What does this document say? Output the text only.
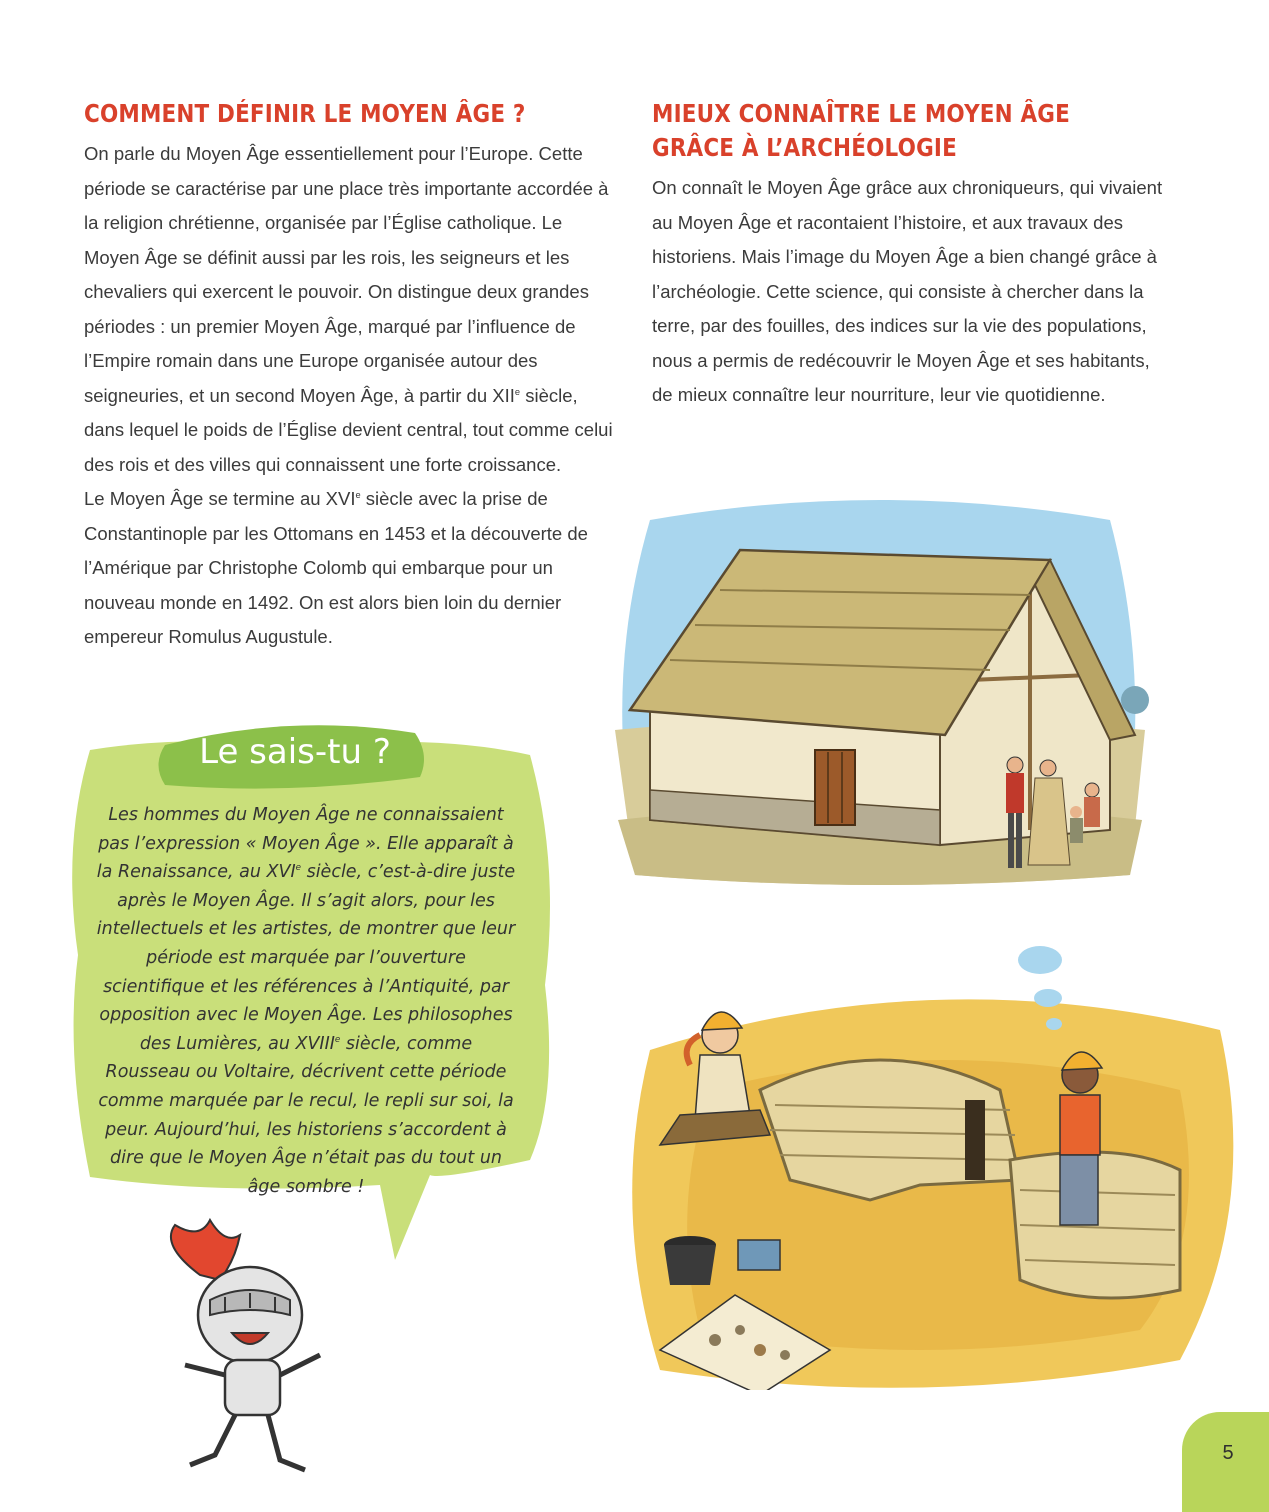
COMMENT DÉFINIR LE MOYEN ÂGE ?

On parle du Moyen Âge essentiellement pour l’Europe. Cette période se caractérise par une place très importante accordée à la religion chrétienne, organisée par l’Église catholique. Le Moyen Âge se définit aussi par les rois, les seigneurs et les chevaliers qui exercent le pouvoir. On distingue deux grandes périodes : un premier Moyen Âge, marqué par l’influence de l’Empire romain dans une Europe organisée autour des seigneuries, et un second Moyen Âge, à partir du XIIe siècle, dans lequel le poids de l’Église devient central, tout comme celui des rois et des villes qui connaissent une forte croissance.

Le Moyen Âge se termine au XVIe siècle avec la prise de Constantinople par les Ottomans en 1453 et la découverte de l’Amérique par Christophe Colomb qui embarque pour un nouveau monde en 1492. On est alors bien loin du dernier empereur Romulus Augustule.

MIEUX CONNAÎTRE LE MOYEN ÂGE
GRÂCE À L’ARCHÉOLOGIE

On connaît le Moyen Âge grâce aux chroniqueurs, qui vivaient au Moyen Âge et racontaient l’histoire, et aux travaux des historiens. Mais l’image du Moyen Âge a bien changé grâce à l’archéologie. Cette science, qui consiste à chercher dans la terre, par des fouilles, des indices sur la vie des populations, nous a permis de redécouvrir le Moyen Âge et ses habitants, de mieux connaître leur nourriture, leur vie quotidienne.

Le sais-tu ?

Les hommes du Moyen Âge ne connaissaient pas l’expression « Moyen Âge ». Elle apparaît à la Renaissance, au XVIe siècle, c’est-à-dire juste après le Moyen Âge. Il s’agit alors, pour les intellectuels et les artistes, de montrer que leur période est marquée par l’ouverture scientifique et les références à l’Antiquité, par opposition avec le Moyen Âge. Les philosophes des Lumières, au XVIIIe siècle, comme Rousseau ou Voltaire, décrivent cette période comme marquée par le recul, le repli sur soi, la peur. Aujourd’hui, les historiens s’accordent à dire que le Moyen Âge n’était pas du tout un âge sombre !

5
